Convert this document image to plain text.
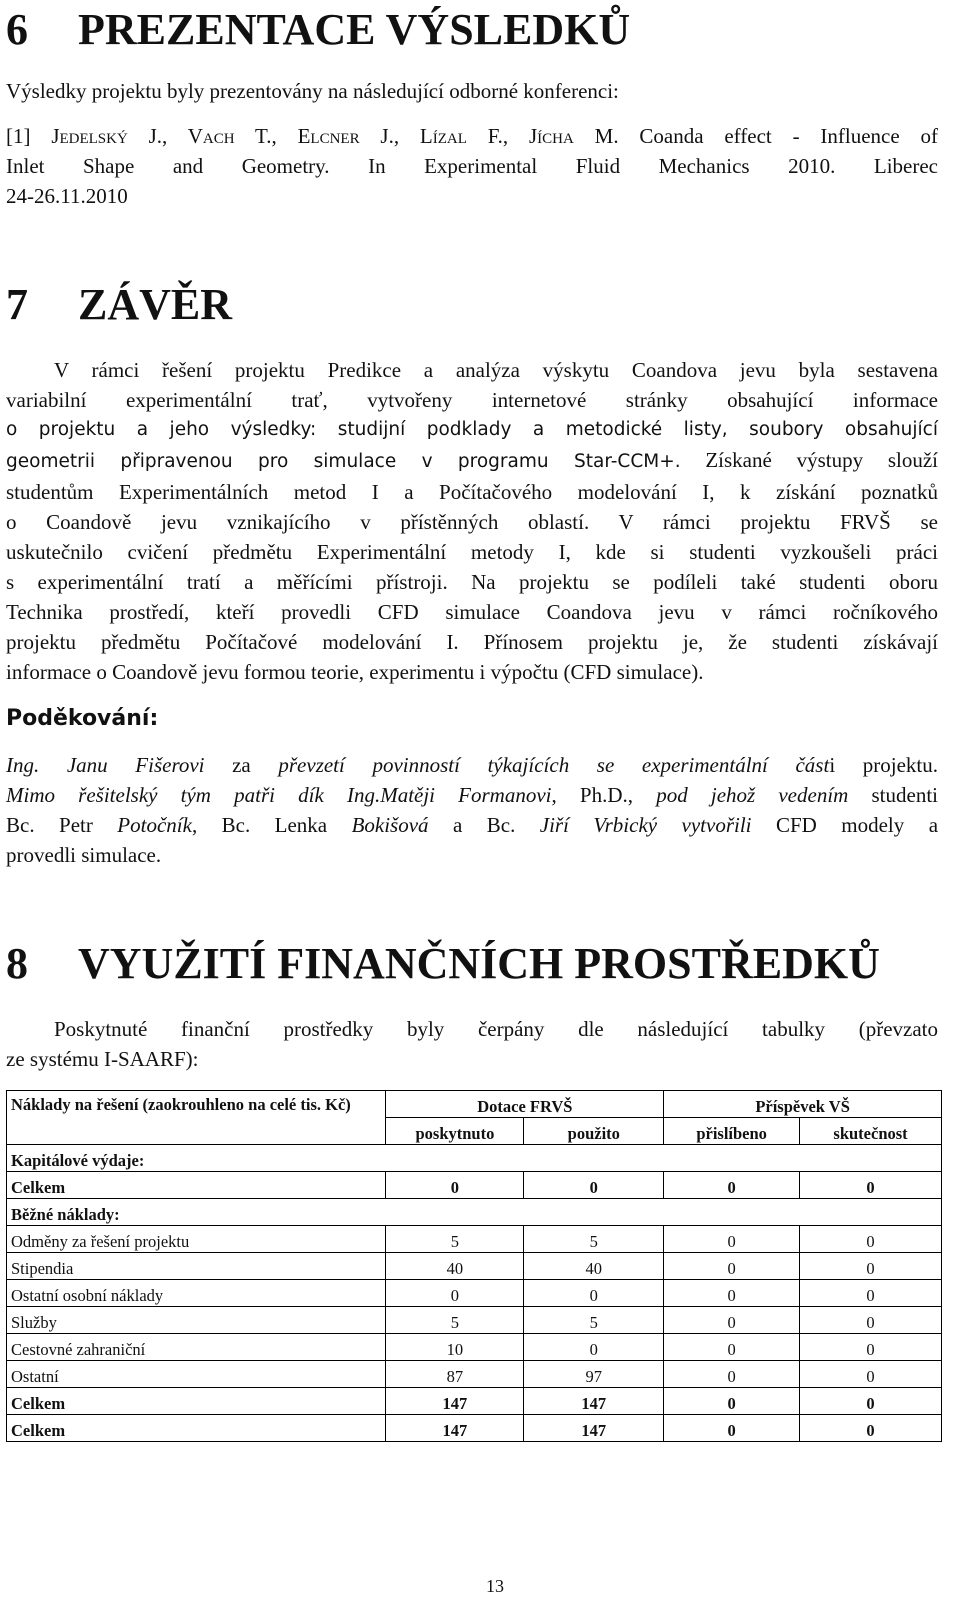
6 PREZENTACE VÝSLEDKŮ

Výsledky projektu byly prezentovány na následující odborné konferenci:

[1] Jedelský J., Vach T., Elcner J., Lízal F., Jícha M. Coanda effect - Influence of
Inlet Shape and Geometry. In Experimental Fluid Mechanics 2010. Liberec
24-26.11.2010

7 ZÁVĚR
V rámci řešení projektu Predikce a analýza výskytu Coandova jevu byla sestavena
variabilní experimentální trať, vytvořeny internetové stránky obsahující informace
o projektu a jeho výsledky: studijní podklady a metodické listy, soubory obsahující
geometrii připravenou pro simulace v programu Star-CCM+. Získané výstupy slouží
studentům Experimentálních metod I a Počítačového modelování I, k získání poznatků
o Coandově jevu vznikajícího v přístěnných oblastí. V rámci projektu FRVŠ se
uskutečnilo cvičení předmětu Experimentální metody I, kde si studenti vyzkoušeli práci
s experimentální tratí a měřícími přístroji. Na projektu se podíleli také studenti oboru
Technika prostředí, kteří provedli CFD simulace Coandova jevu v rámci ročníkového
projektu předmětu Počítačové modelování I. Přínosem projektu je, že studenti získávají
informace o Coandově jevu formou teorie, experimentu i výpočtu (CFD simulace).
Poděkování:
Ing. Janu Fišerovi za převzetí povinností týkajících se experimentální části projektu.
Mimo řešitelský tým patři dík Ing.Matěji Formanovi, Ph.D., pod jehož vedením studenti
Bc. Petr Potočník, Bc. Lenka Bokišová a Bc. Jiří Vrbický vytvořili CFD modely a
provedli simulace.
8 VYUŽITÍ FINANČNÍCH PROSTŘEDKŮ
Poskytnuté finanční prostředky byly čerpány dle následující tabulky (převzato
ze systému I-SAARF):
Náklady na řešení (zaokrouhleno na celé tis. Kč)	Dotace FRVŠ		Příspěvek VŠ	
	poskytnuto	použito	přislíbeno	skutečnost
Kapitálové výdaje:				
Celkem	0	0	0	0
Běžné náklady:				
Odměny za řešení projektu	5	5	0	0
Stipendia	40	40	0	0
Ostatní osobní náklady	0	0	0	0
Služby	5	5	0	0
Cestovné zahraniční	10	0	0	0
Ostatní	87	97	0	0
Celkem	147	147	0	0
Celkem	147	147	0	0
13
